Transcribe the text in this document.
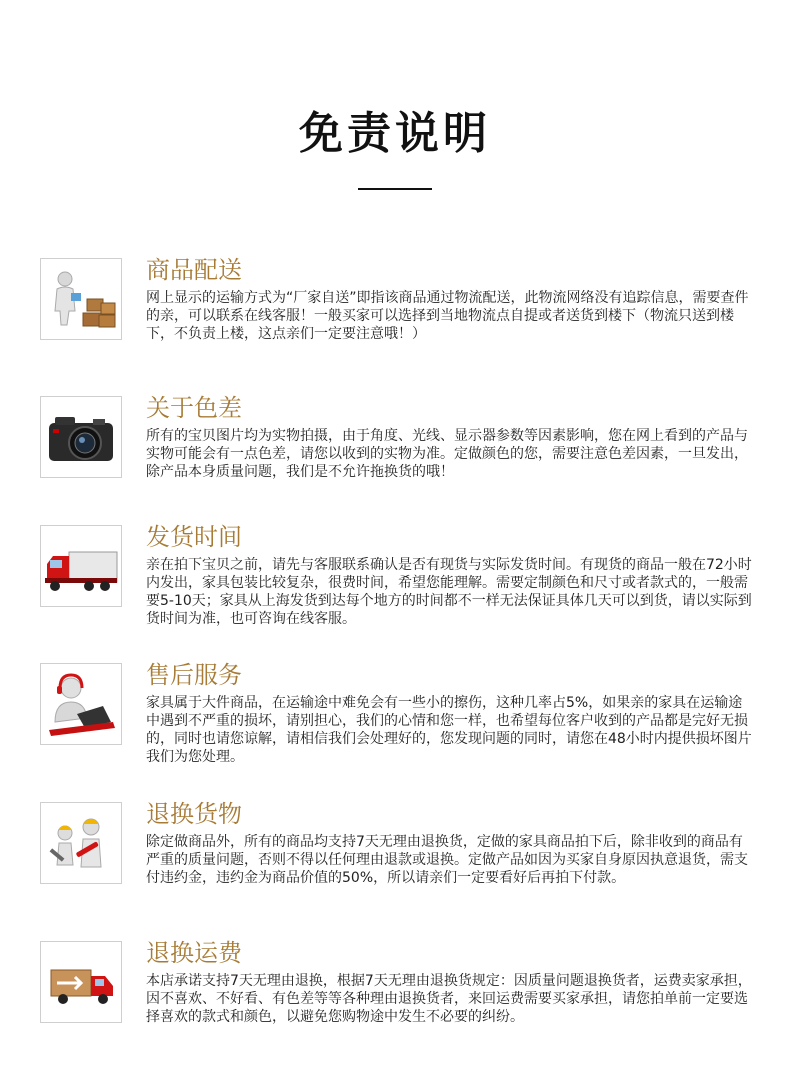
免责说明
商品配送

网上显示的运输方式为“厂家自送”即指该商品通过物流配送，此物流网络没有追踪信息，需要查件的亲，可以联系在线客服！一般买家可以选择到当地物流点自提或者送货到楼下（物流只送到楼下，不负责上楼，这点亲们一定要注意哦！）

关于色差

所有的宝贝图片均为实物拍摄，由于角度、光线、显示器参数等因素影响，您在网上看到的产品与实物可能会有一点色差，请您以收到的实物为准。定做颜色的您，需要注意色差因素，一旦发出，除产品本身质量问题，我们是不允许拖换货的哦！

发货时间

亲在拍下宝贝之前，请先与客服联系确认是否有现货与实际发货时间。有现货的商品一般在72小时内发出，家具包装比较复杂，很费时间，希望您能理解。需要定制颜色和尺寸或者款式的，一般需要5-10天；家具从上海发货到达每个地方的时间都不一样无法保证具体几天可以到货，请以实际到货时间为准，也可咨询在线客服。

售后服务

家具属于大件商品，在运输途中难免会有一些小的擦伤，这种几率占5%，如果亲的家具在运输途中遇到不严重的损坏，请别担心，我们的心情和您一样，也希望每位客户收到的产品都是完好无损的，同时也请您谅解，请相信我们会处理好的，您发现问题的同时，请您在48小时内提供损坏图片我们为您处理。

退换货物

除定做商品外，所有的商品均支持7天无理由退换货，定做的家具商品拍下后，除非收到的商品有严重的质量问题，否则不得以任何理由退款或退换。定做产品如因为买家自身原因执意退货，需支付违约金，违约金为商品价值的50%，所以请亲们一定要看好后再拍下付款。

退换运费

本店承诺支持7天无理由退换，根据7天无理由退换货规定：因质量问题退换货者，运费卖家承担，因不喜欢、不好看、有色差等等各种理由退换货者，来回运费需要买家承担，请您拍单前一定要选择喜欢的款式和颜色，以避免您购物途中发生不必要的纠纷。
